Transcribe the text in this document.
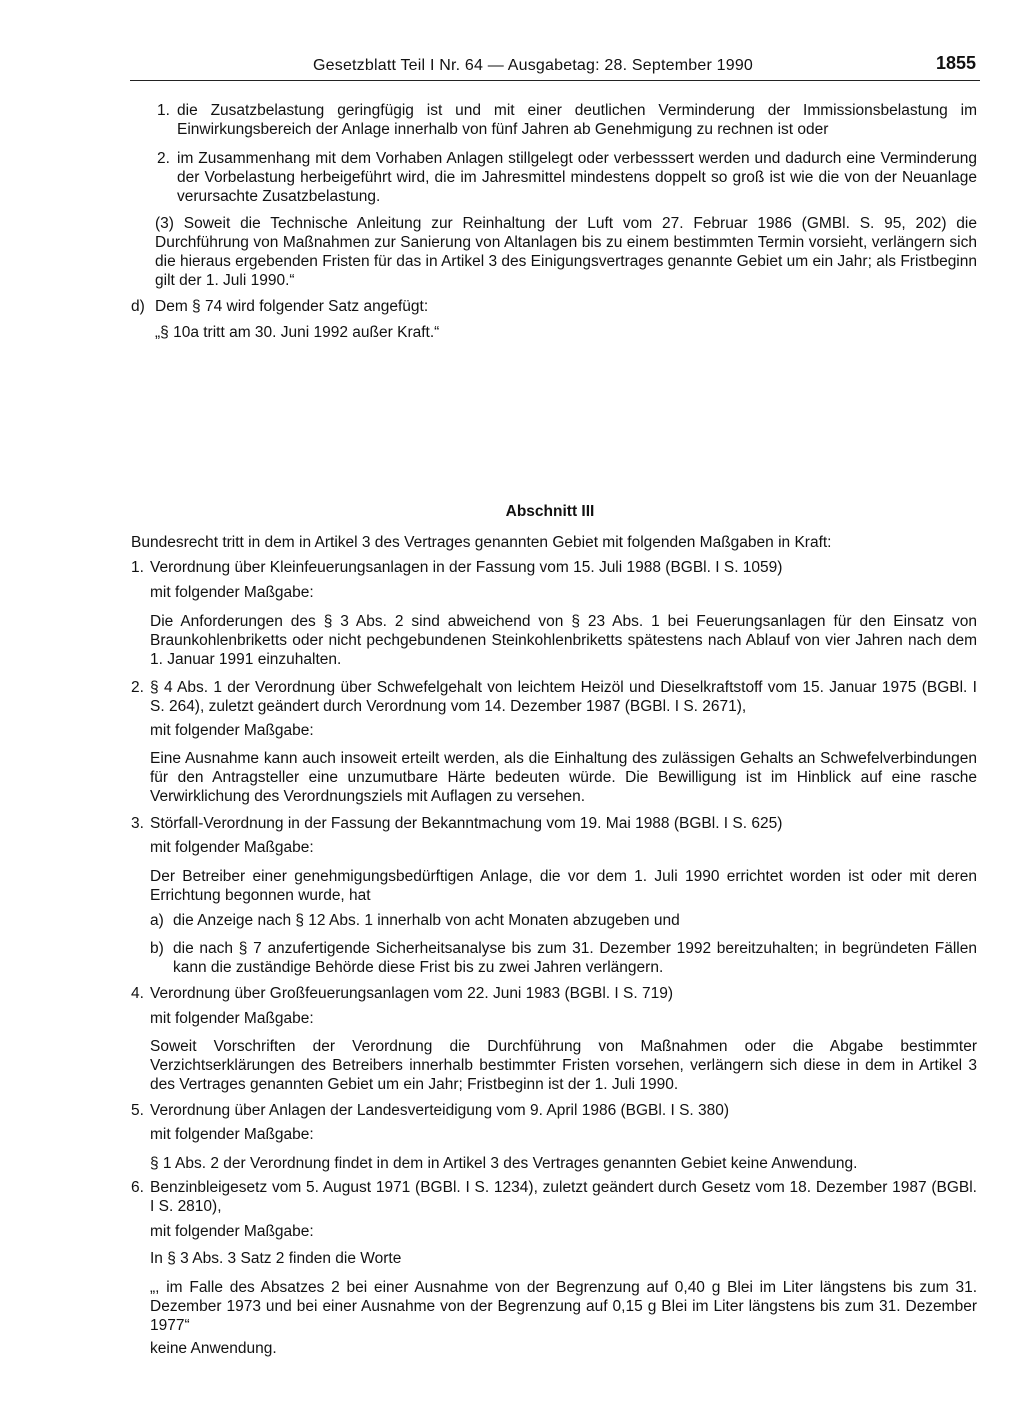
Gesetzblatt Teil I Nr. 64 — Ausgabetag: 28. September 1990	1855
1. die Zusatzbelastung geringfügig ist und mit einer deutlichen Verminderung der Immissionsbelastung im Einwirkungsbereich der Anlage innerhalb von fünf Jahren ab Genehmigung zu rechnen ist oder
2. im Zusammenhang mit dem Vorhaben Anlagen stillgelegt oder verbesssert werden und dadurch eine Verminderung der Vorbelastung herbeigeführt wird, die im Jahresmittel mindestens doppelt so groß ist wie die von der Neuanlage verursachte Zusatzbelastung.
(3) Soweit die Technische Anleitung zur Reinhaltung der Luft vom 27. Februar 1986 (GMBl. S. 95, 202) die Durchführung von Maßnahmen zur Sanierung von Altanlagen bis zu einem bestimmten Termin vorsieht, verlängern sich die hieraus ergebenden Fristen für das in Artikel 3 des Einigungsvertrages genannte Gebiet um ein Jahr; als Fristbeginn gilt der 1. Juli 1990.“
d) Dem § 74 wird folgender Satz angefügt:
„§ 10a tritt am 30. Juni 1992 außer Kraft.“
Abschnitt III
Bundesrecht tritt in dem in Artikel 3 des Vertrages genannten Gebiet mit folgenden Maßgaben in Kraft:
1. Verordnung über Kleinfeuerungsanlagen in der Fassung vom 15. Juli 1988 (BGBl. I S. 1059)
mit folgender Maßgabe:
Die Anforderungen des § 3 Abs. 2 sind abweichend von § 23 Abs. 1 bei Feuerungsanlagen für den Einsatz von Braunkohlenbriketts oder nicht pechgebundenen Steinkohlenbriketts spätestens nach Ablauf von vier Jahren nach dem 1. Januar 1991 einzuhalten.
2. § 4 Abs. 1 der Verordnung über Schwefelgehalt von leichtem Heizöl und Dieselkraftstoff vom 15. Januar 1975 (BGBl. I S. 264), zuletzt geändert durch Verordnung vom 14. Dezember 1987 (BGBl. I S. 2671),
mit folgender Maßgabe:
Eine Ausnahme kann auch insoweit erteilt werden, als die Einhaltung des zulässigen Gehalts an Schwefelverbindungen für den Antragsteller eine unzumutbare Härte bedeuten würde. Die Bewilligung ist im Hinblick auf eine rasche Verwirklichung des Verordnungsziels mit Auflagen zu versehen.
3. Störfall-Verordnung in der Fassung der Bekanntmachung vom 19. Mai 1988 (BGBl. I S. 625)
mit folgender Maßgabe:
Der Betreiber einer genehmigungsbedürftigen Anlage, die vor dem 1. Juli 1990 errichtet worden ist oder mit deren Errichtung begonnen wurde, hat
a) die Anzeige nach § 12 Abs. 1 innerhalb von acht Monaten abzugeben und
b) die nach § 7 anzufertigende Sicherheitsanalyse bis zum 31. Dezember 1992 bereitzuhalten; in begründeten Fällen kann die zuständige Behörde diese Frist bis zu zwei Jahren verlängern.
4. Verordnung über Großfeuerungsanlagen vom 22. Juni 1983 (BGBl. I S. 719)
mit folgender Maßgabe:
Soweit Vorschriften der Verordnung die Durchführung von Maßnahmen oder die Abgabe bestimmter Verzichtserklärungen des Betreibers innerhalb bestimmter Fristen vorsehen, verlängern sich diese in dem in Artikel 3 des Vertrages genannten Gebiet um ein Jahr; Fristbeginn ist der 1. Juli 1990.
5. Verordnung über Anlagen der Landesverteidigung vom 9. April 1986 (BGBl. I S. 380)
mit folgender Maßgabe:
§ 1 Abs. 2 der Verordnung findet in dem in Artikel 3 des Vertrages genannten Gebiet keine Anwendung.
6. Benzinbleigesetz vom 5. August 1971 (BGBl. I S. 1234), zuletzt geändert durch Gesetz vom 18. Dezember 1987 (BGBl. I S. 2810),
mit folgender Maßgabe:
In § 3 Abs. 3 Satz 2 finden die Worte
„, im Falle des Absatzes 2 bei einer Ausnahme von der Begrenzung auf 0,40 g Blei im Liter längstens bis zum 31. Dezember 1973 und bei einer Ausnahme von der Begrenzung auf 0,15 g Blei im Liter längstens bis zum 31. Dezember 1977“
keine Anwendung.
